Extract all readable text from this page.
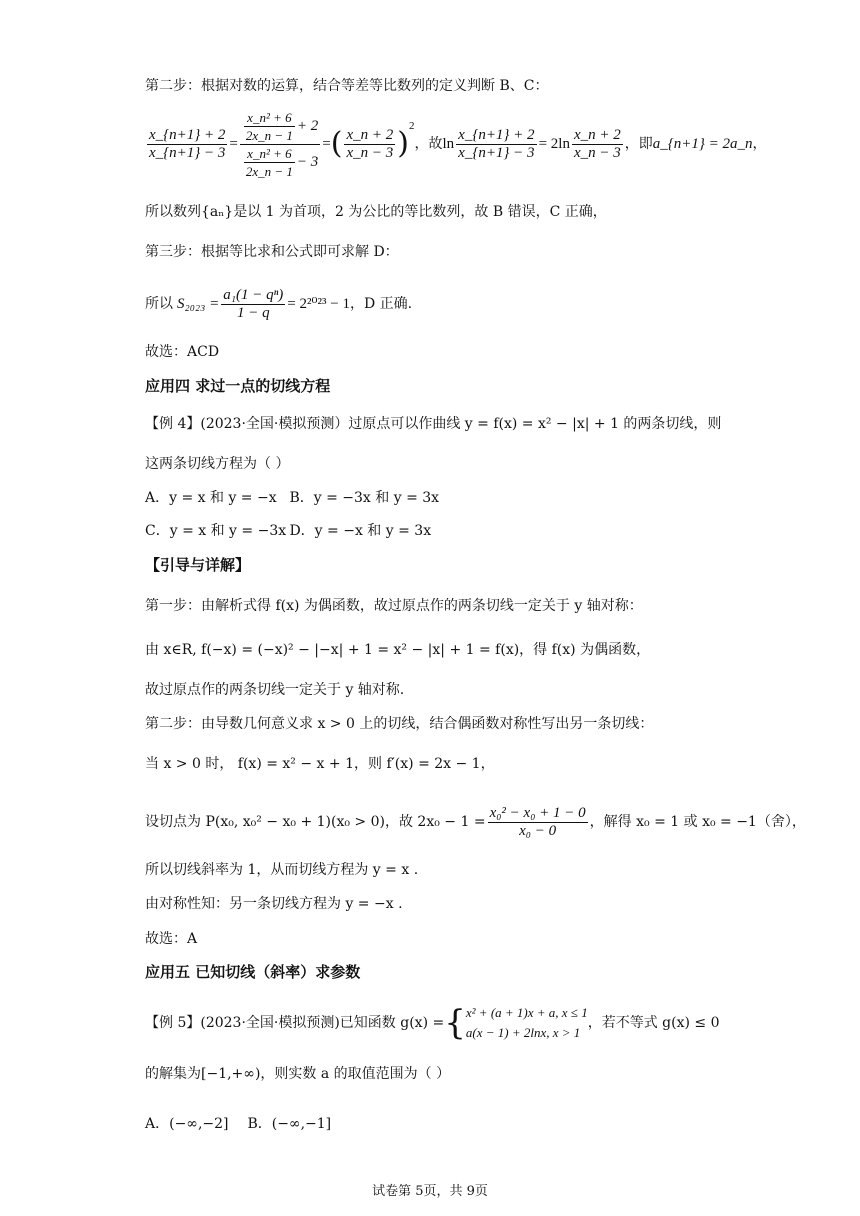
第二步：根据对数的运算，结合等差等比数列的定义判断 B、C：
$\frac{x\_\{n+1\} + 2}{x\_\{n+1\} - 3} = \frac{\frac{\text{x\_n² + 6}}{2x\_n - 1} + 2}{\frac{\text{x\_n² + 6}}{2x\_n - 1} - 3}$ = ( $\frac{x\_n + 2}{x\_n - 3} )^2$
，故 $\ln \frac{x\_\{n+1\} + 2}{x\_\{n+1\} - 3} = 2\ln \frac{x\_n + 2}{x\_n - 3}$ ，即 a_{n+1} = 2a_n ，
所以数列{aₙ}是以 1 为首项，2 为公比的等比数列，故 B 错误，C 正确，
第三步：根据等比求和公式即可求解 D：
所以 $S_{2023} = \frac{\text{a₁(1 − qⁿ)}}{1 - q} = 2^{2023} - 1$ ，D 正确.
故选：ACD
应用四 求过一点的切线方程
【例 4】(2023·全国·模拟预测）过原点可以作曲线 y = f(x) = x² − |x| + 1 的两条切线，则
这两条切线方程为（ ）
A．y = x 和 y = −x B．y = −3x 和 y = 3x
C．y = x 和 y = −3x D．y = −x 和 y = 3x
【引导与详解】
第一步：由解析式得 f(x) 为偶函数，故过原点作的两条切线一定关于 y 轴对称：
由 x∈R, f(−x) = (−x)² − |−x| + 1 = x² − |x| + 1 = f(x)，得 f(x) 为偶函数，
故过原点作的两条切线一定关于 y 轴对称.
第二步：由导数几何意义求 x > 0 上的切线，结合偶函数对称性写出另一条切线：
当 x > 0 时， f(x) = x² − x + 1，则 f′(x) = 2x − 1，
设切点为 P(x₀, x₀² − x₀ + 1)(x₀ > 0)，故 $2x_0 - 1 = \frac{\text{x₀² − x₀ + 1 − 0}}{\text{x₀ − 0}}$ ，解得 x₀ = 1 或 x₀ = −1（舍），
所以切线斜率为 1，从而切线方程为 y = x .
由对称性知：另一条切线方程为 y = −x .
故选：A
应用五 已知切线（斜率）求参数
【例 5】(2023·全国·模拟预测)已知函数 g(x) = { x² + (a + 1)x + a, x ≤ 1
a(x − 1) + 2lnx, x > 1
，若不等式 g(x) ≤ 0
的解集为[−1,+∞)，则实数 a 的取值范围为（ ）
A．(−∞,−2] B．(−∞,−1]
试卷第 5页，共 9页
